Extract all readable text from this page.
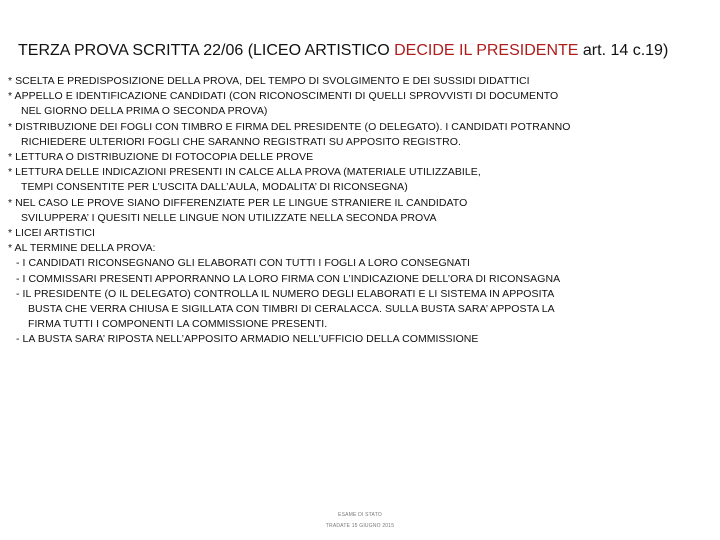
TERZA PROVA SCRITTA 22/06 (LICEO ARTISTICO DECIDE IL PRESIDENTE art. 14 c.19)
* SCELTA E PREDISPOSIZIONE DELLA PROVA, DEL TEMPO DI SVOLGIMENTO E DEI SUSSIDI DIDATTICI
* APPELLO E IDENTIFICAZIONE CANDIDATI (CON RICONOSCIMENTI DI QUELLI SPROVVISTI DI DOCUMENTO
NEL GIORNO DELLA PRIMA O SECONDA PROVA)
* DISTRIBUZIONE DEI FOGLI CON TIMBRO E FIRMA DEL PRESIDENTE (O DELEGATO). I CANDIDATI POTRANNO
RICHIEDERE ULTERIORI FOGLI CHE SARANNO REGISTRATI SU APPOSITO REGISTRO.
* LETTURA O DISTRIBUZIONE DI FOTOCOPIA DELLE PROVE
* LETTURA DELLE INDICAZIONI PRESENTI IN CALCE ALLA PROVA (MATERIALE UTILIZZABILE,
TEMPI CONSENTITE PER L’USCITA DALL’AULA, MODALITA’ DI RICONSEGNA)
* NEL CASO LE PROVE SIANO DIFFERENZIATE PER LE LINGUE STRANIERE IL CANDIDATO
SVILUPPERA’ I QUESITI NELLE LINGUE NON UTILIZZATE NELLA SECONDA PROVA
* LICEI ARTISTICI
* AL TERMINE DELLA PROVA:
- I CANDIDATI RICONSEGNANO GLI ELABORATI CON TUTTI I FOGLI A LORO CONSEGNATI
- I COMMISSARI PRESENTI APPORRANNO LA LORO FIRMA CON L’INDICAZIONE DELL’ORA DI RICONSAGNA
- IL PRESIDENTE (O IL DELEGATO) CONTROLLA IL NUMERO DEGLI ELABORATI E LI SISTEMA IN APPOSITA
BUSTA CHE VERRA CHIUSA E SIGILLATA CON TIMBRI DI CERALACCA. SULLA BUSTA SARA’ APPOSTA LA
FIRMA TUTTI I COMPONENTI LA COMMISSIONE PRESENTI.
- LA BUSTA SARA’ RIPOSTA NELL’APPOSITO ARMADIO NELL’UFFICIO DELLA COMMISSIONE
ESAME DI STATO
TRADATE 15 GIUGNO 2015
